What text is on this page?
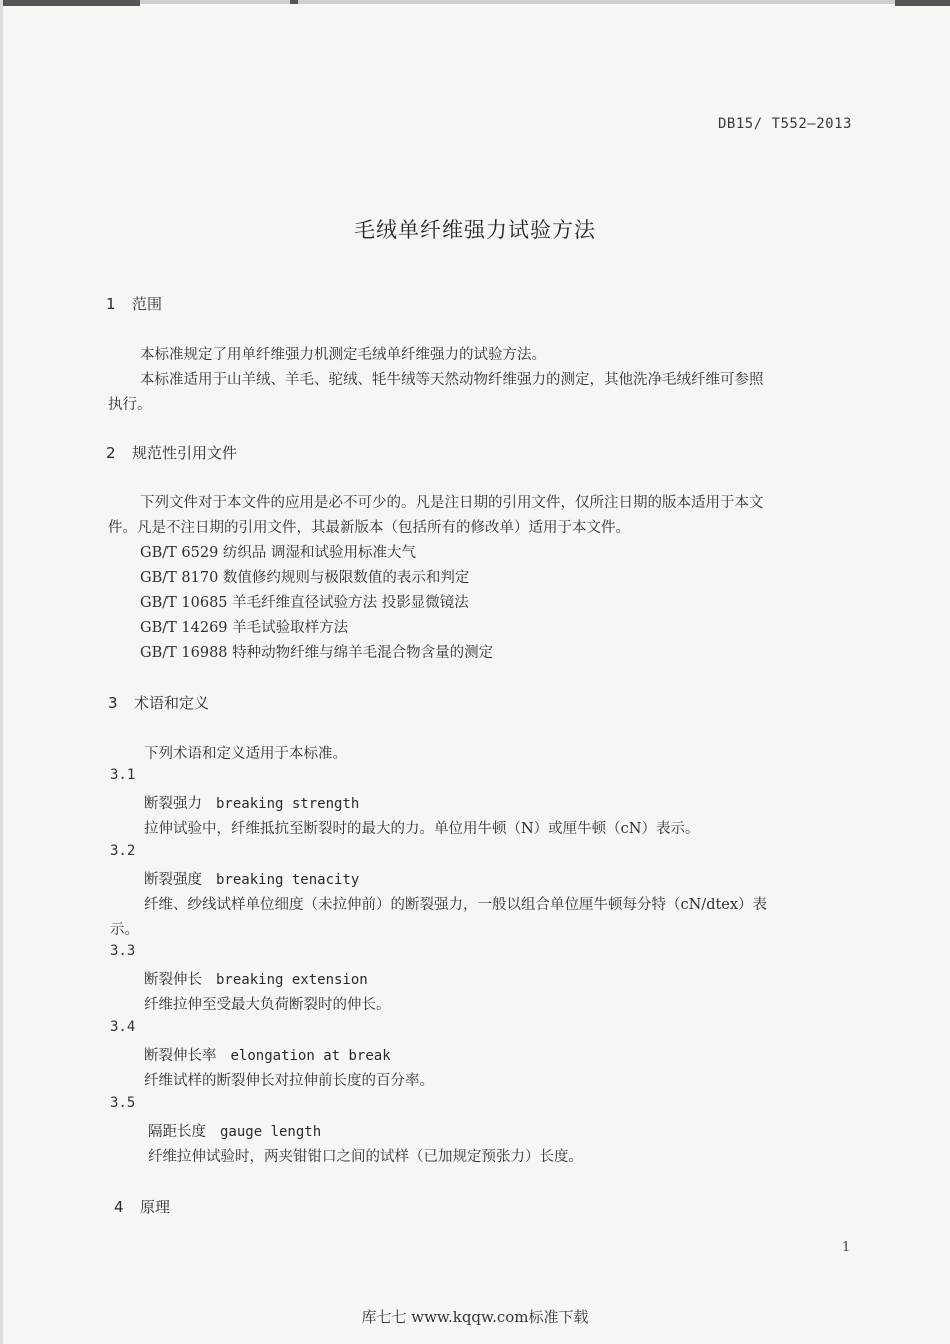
DB15/ T552—2013
毛绒单纤维强力试验方法
1 范围
本标准规定了用单纤维强力机测定毛绒单纤维强力的试验方法。
本标准适用于山羊绒、羊毛、驼绒、牦牛绒等天然动物纤维强力的测定，其他洗净毛绒纤维可参照
执行。
2 规范性引用文件
下列文件对于本文件的应用是必不可少的。凡是注日期的引用文件，仅所注日期的版本适用于本文
件。凡是不注日期的引用文件，其最新版本（包括所有的修改单）适用于本文件。
GB/T 6529 纺织品 调湿和试验用标准大气
GB/T 8170 数值修约规则与极限数值的表示和判定
GB/T 10685 羊毛纤维直径试验方法 投影显微镜法
GB/T 14269 羊毛试验取样方法
GB/T 16988 特种动物纤维与绵羊毛混合物含量的测定
3 术语和定义
下列术语和定义适用于本标准。
3.1
断裂强力 breaking strength
拉伸试验中，纤维抵抗至断裂时的最大的力。单位用牛顿（N）或厘牛顿（cN）表示。
3.2
断裂强度 breaking tenacity
纤维、纱线试样单位细度（未拉伸前）的断裂强力，一般以组合单位厘牛顿每分特（cN/dtex）表
示。
3.3
断裂伸长 breaking extension
纤维拉伸至受最大负荷断裂时的伸长。
3.4
断裂伸长率 elongation at break
纤维试样的断裂伸长对拉伸前长度的百分率。
3.5
隔距长度 gauge length
纤维拉伸试验时，两夹钳钳口之间的试样（已加规定预张力）长度。
4 原理
1
库七七 www.kqqw.com标准下载
